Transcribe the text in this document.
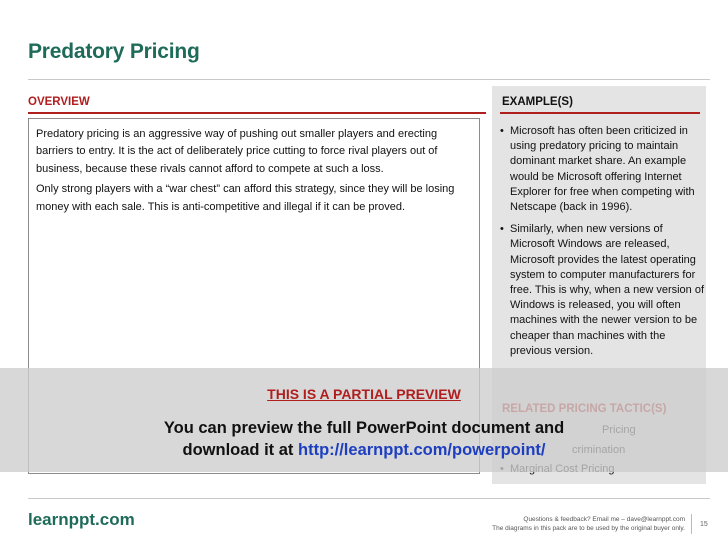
Predatory Pricing
OVERVIEW

Predatory pricing is an aggressive way of pushing out smaller players and erecting barriers to entry. It is the act of deliberately price cutting to force rival players out of business, because these rivals cannot afford to compete at such a loss.

Only strong players with a “war chest” can afford this strategy, since they will be losing money with each sale. This is anti-competitive and illegal if it can be proved.

EXAMPLE(S)
• Microsoft has often been criticized in using predatory pricing to maintain dominant market share. An example would be Microsoft offering Internet Explorer for free when competing with Netscape (back in 1996).
• Similarly, when new versions of Microsoft Windows are released, Microsoft provides the latest operating system to computer manufacturers for free. This is why, when a new version of Windows is released, you will often machines with the newer version to be cheaper than machines with the previous version.
THIS IS A PARTIAL PREVIEW
You can preview the full PowerPoint document and
download it at http://learnppt.com/powerpoint/
learnppt.com	Questions & feedback? Email me – dave@learnppt.com
The diagrams in this pack are to be used by the original buyer only. 15
